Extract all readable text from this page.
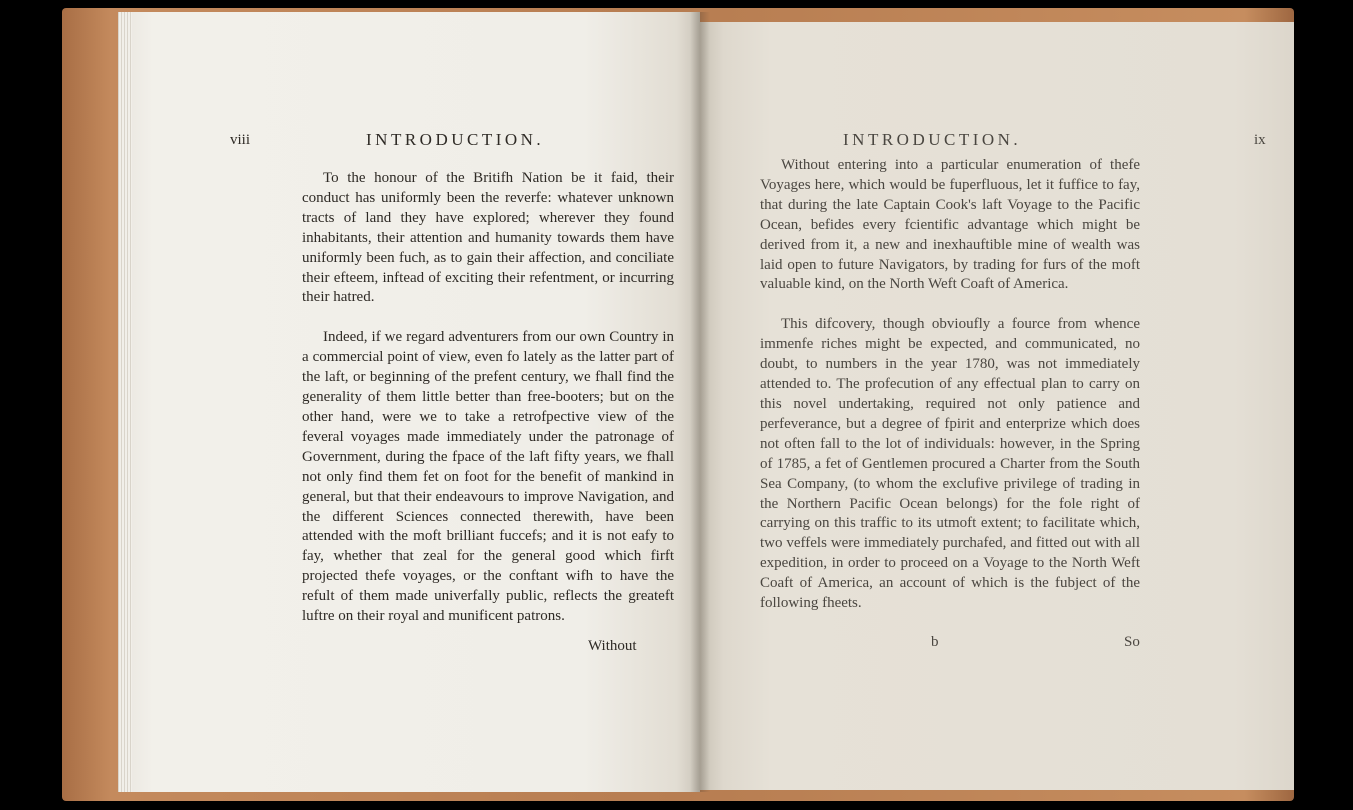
viii	INTRODUCTION.

To the honour of the Britifh Nation be it faid, their conduct has uniformly been the reverfe: whatever unknown tracts of land they have explored; wherever they found inhabitants, their attention and humanity towards them have uniformly been fuch, as to gain their affection, and conciliate their efteem, inftead of exciting their refentment, or incurring their hatred.

Indeed, if we regard adventurers from our own Country in a commercial point of view, even fo lately as the latter part of the laft, or beginning of the prefent century, we fhall find the generality of them little better than free-booters; but on the other hand, were we to take a retrofpective view of the feveral voyages made immediately under the patronage of Government, during the fpace of the laft fifty years, we fhall not only find them fet on foot for the benefit of mankind in general, but that their endeavours to improve Navigation, and the different Sciences connected therewith, have been attended with the moft brilliant fuccefs; and it is not eafy to fay, whether that zeal for the general good which firft projected thefe voyages, or the conftant wifh to have the refult of them made univerfally public, reflects the greateft luftre on their royal and munificent patrons.

Without
INTRODUCTION.	ix

Without entering into a particular enumeration of thefe Voyages here, which would be fuperfluous, let it fuffice to fay, that during the late Captain Cook's laft Voyage to the Pacific Ocean, befides every fcientific advantage which might be derived from it, a new and inexhauftible mine of wealth was laid open to future Navigators, by trading for furs of the moft valuable kind, on the North Weft Coaft of America.

This difcovery, though obvioufly a fource from whence immenfe riches might be expected, and communicated, no doubt, to numbers in the year 1780, was not immediately attended to. The profecution of any effectual plan to carry on this novel undertaking, required not only patience and perfeverance, but a degree of fpirit and enterprize which does not often fall to the lot of individuals: however, in the Spring of 1785, a fet of Gentlemen procured a Charter from the South Sea Company, (to whom the exclufive privilege of trading in the Northern Pacific Ocean belongs) for the fole right of carrying on this traffic to its utmoft extent; to facilitate which, two veffels were immediately purchafed, and fitted out with all expedition, in order to proceed on a Voyage to the North Weft Coaft of America, an account of which is the fubject of the following fheets.

b	So
